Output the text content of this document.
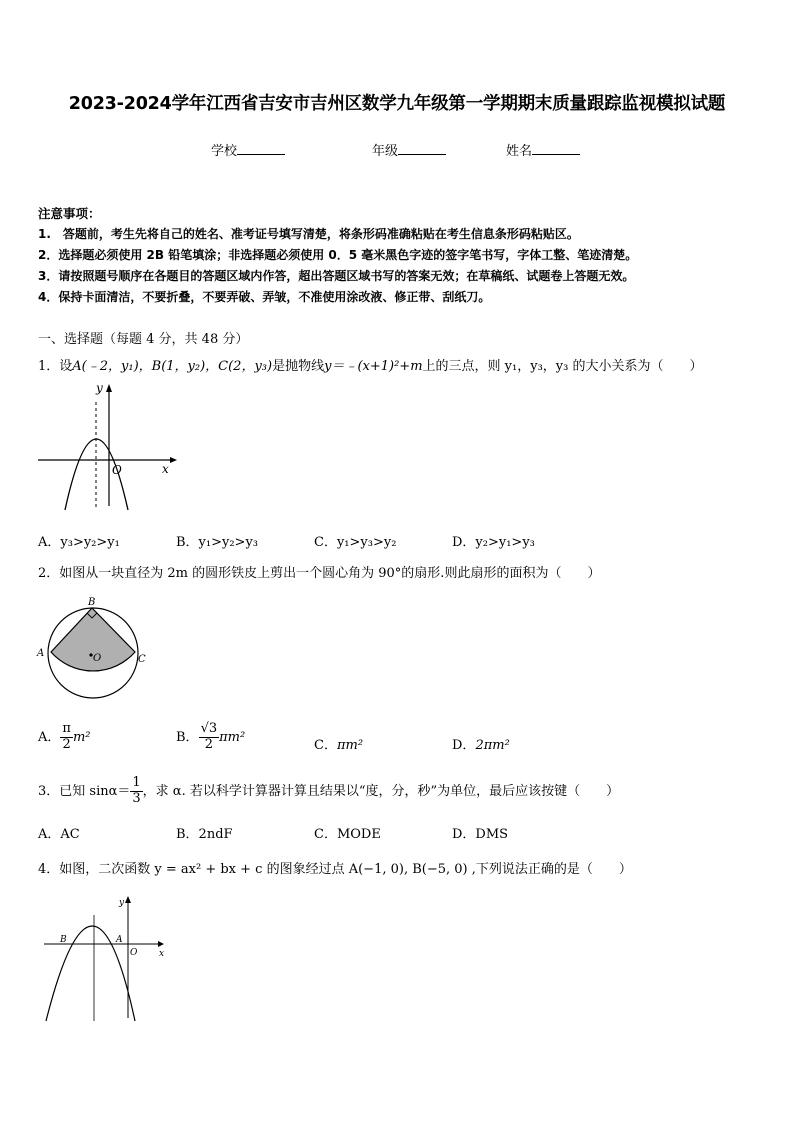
2023-2024学年江西省吉安市吉州区数学九年级第一学期期末质量跟踪监视模拟试题
学校	年级	姓名
注意事项：
1.　答题前，考生先将自己的姓名、准考证号填写清楚，将条形码准确粘贴在考生信息条形码粘贴区。
2．选择题必须使用 2B 铅笔填涂；非选择题必须使用 0．5 毫米黑色字迹的签字笔书写，字体工整、笔迹清楚。
3．请按照题号顺序在各题目的答题区域内作答，超出答题区域书写的答案无效；在草稿纸、试题卷上答题无效。
4．保持卡面清洁，不要折叠，不要弄破、弄皱，不准使用涂改液、修正带、刮纸刀。
一、选择题（每题 4 分，共 48 分）
1．设A(﹣2，y₁)，B(1，y₂)，C(2，y₃)是抛物线y＝﹣(x+1)²+m上的三点，则 y₁，y₃，y₃ 的大小关系为（　　）
y
x
O
A．y₃>y₂>y₁	B．y₁>y₂>y₃	C．y₁>y₃>y₂	D．y₂>y₁>y₃
2．如图从一块直径为 2m 的圆形铁皮上剪出一个圆心角为 90°的扇形.则此扇形的面积为（　　）
B
A
C
O
A． $\frac{\pi}{2} m^2$	B． $\frac{√3}{2} \pi m^2$
C．πm²	D．2πm²
3．已知 $\sin\alpha= \frac{1}{3}$ ，求 α. 若以科学计算器计算且结果以“度，分，秒”为单位，最后应该按键（　　）
A．AC	B．2ndF	C．MODE	D．DMS
4．如图，二次函数 y = ax² + bx + c 的图象经过点 A(−1, 0), B(−5, 0) ,下列说法正确的是（　　）
B	A
O x
y
